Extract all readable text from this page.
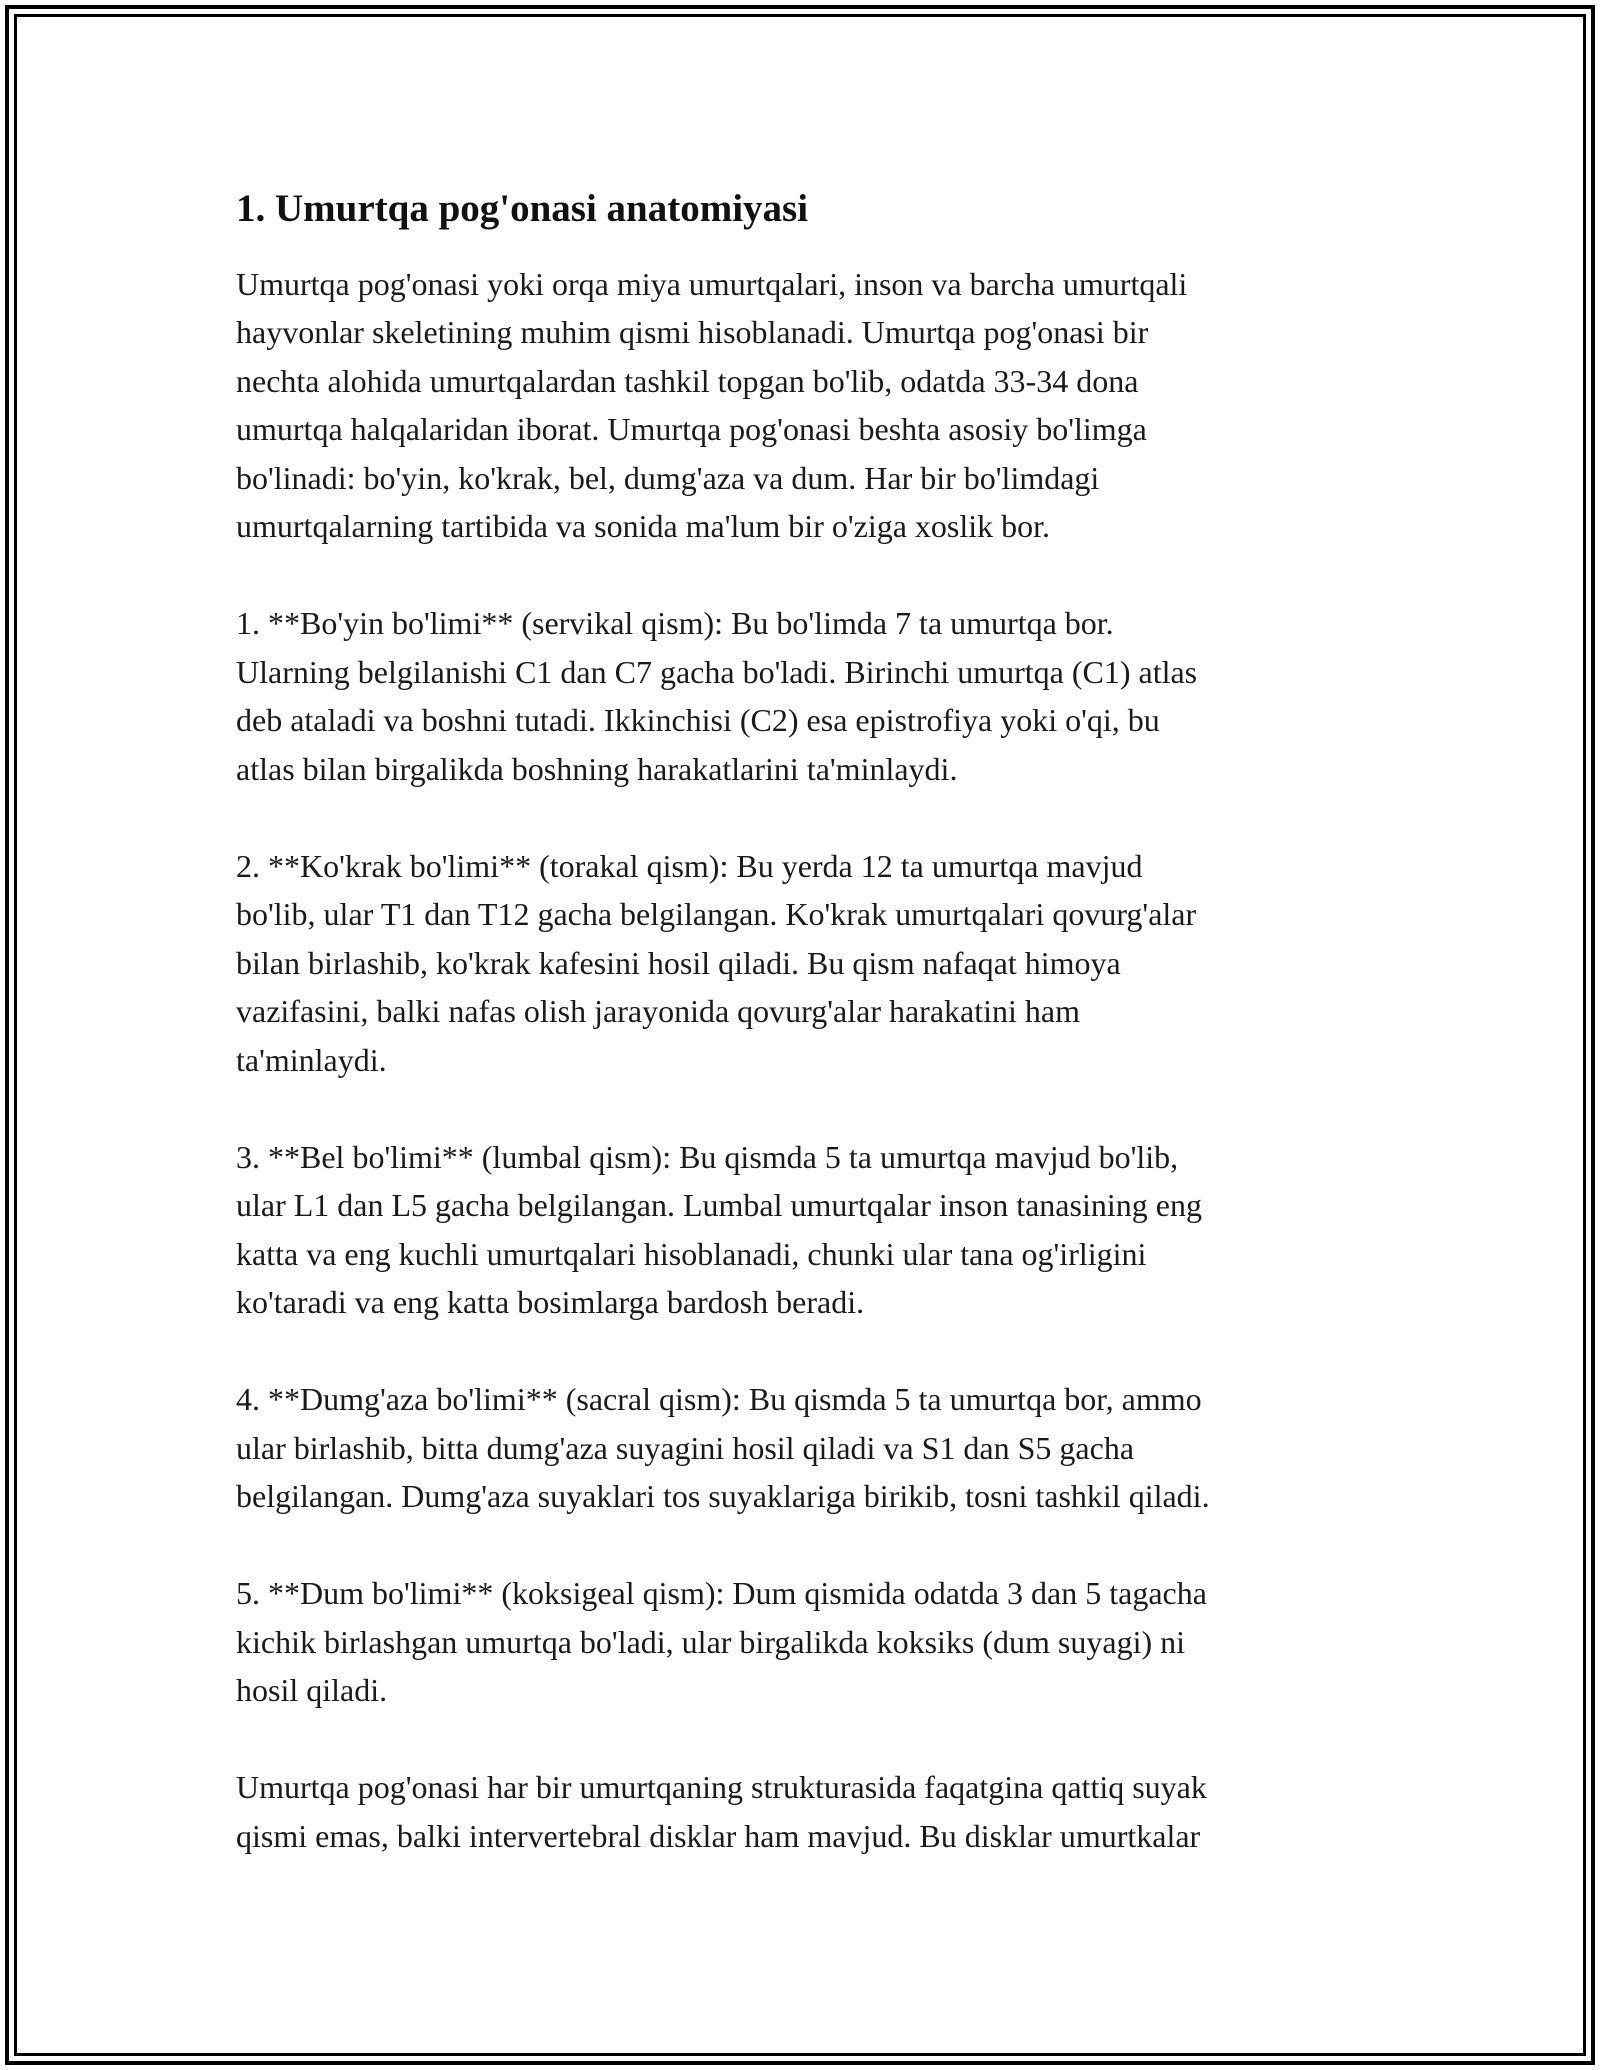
1. Umurtqa pog'onasi anatomiyasi

Umurtqa pog'onasi yoki orqa miya umurtqalari, inson va barcha umurtqali
hayvonlar skeletining muhim qismi hisoblanadi. Umurtqa pog'onasi bir
nechta alohida umurtqalardan tashkil topgan bo'lib, odatda 33-34 dona
umurtqa halqalaridan iborat. Umurtqa pog'onasi beshta asosiy bo'limga
bo'linadi: bo'yin, ko'krak, bel, dumg'aza va dum. Har bir bo'limdagi
umurtqalarning tartibida va sonida ma'lum bir o'ziga xoslik bor.

1. **Bo'yin bo'limi** (servikal qism): Bu bo'limda 7 ta umurtqa bor.
Ularning belgilanishi C1 dan C7 gacha bo'ladi. Birinchi umurtqa (C1) atlas
deb ataladi va boshni tutadi. Ikkinchisi (C2) esa epistrofiya yoki o'qi, bu
atlas bilan birgalikda boshning harakatlarini ta'minlaydi.

2. **Ko'krak bo'limi** (torakal qism): Bu yerda 12 ta umurtqa mavjud
bo'lib, ular T1 dan T12 gacha belgilangan. Ko'krak umurtqalari qovurg'alar
bilan birlashib, ko'krak kafesini hosil qiladi. Bu qism nafaqat himoya
vazifasini, balki nafas olish jarayonida qovurg'alar harakatini ham
ta'minlaydi.

3. **Bel bo'limi** (lumbal qism): Bu qismda 5 ta umurtqa mavjud bo'lib,
ular L1 dan L5 gacha belgilangan. Lumbal umurtqalar inson tanasining eng
katta va eng kuchli umurtqalari hisoblanadi, chunki ular tana og'irligini
ko'taradi va eng katta bosimlarga bardosh beradi.

4. **Dumg'aza bo'limi** (sacral qism): Bu qismda 5 ta umurtqa bor, ammo
ular birlashib, bitta dumg'aza suyagini hosil qiladi va S1 dan S5 gacha
belgilangan. Dumg'aza suyaklari tos suyaklariga birikib, tosni tashkil qiladi.

5. **Dum bo'limi** (koksigeal qism): Dum qismida odatda 3 dan 5 tagacha
kichik birlashgan umurtqa bo'ladi, ular birgalikda koksiks (dum suyagi) ni
hosil qiladi.

Umurtqa pog'onasi har bir umurtqaning strukturasida faqatgina qattiq suyak
qismi emas, balki intervertebral disklar ham mavjud. Bu disklar umurtkalar
